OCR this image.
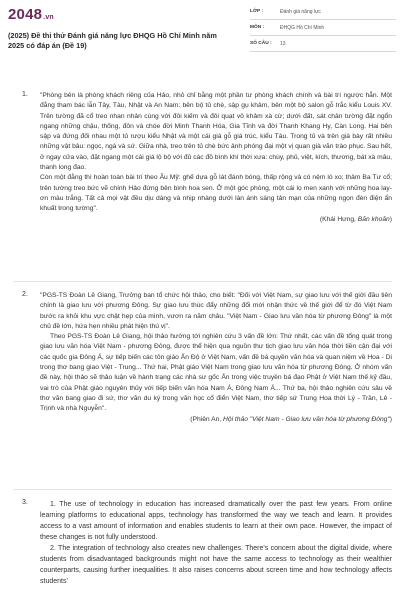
2048.vn
(2025) Đề thi thử Đánh giá năng lực ĐHQG Hồ Chí Minh năm 2025 có đáp án (Đề 19)
LỚP :	Đánh giá năng lực
MÔN :	ĐHQG Hồ Chí Minh
SỐ CÂU :	13
1. "Phòng bên là phòng khách riêng của Hảo, nhỏ chỉ bằng một phần tư phòng khách chính và bài trí ngược hẳn. Một đằng tham bác lẫn Tây, Tàu, Nhật và An Nam: bên bộ tủ chè, sập gụ khảm, bên một bộ salon gỗ trắc kiểu Louis XV. Trên tường đã cổ treo nhan nhản cùng với đôi kiếm và đôi quạt vô khảm xà cừ; dưới đất, sát chân tường đặt ngổn ngang những chậu, thống, đôn và chóe đời Minh Thanh Hóa, Gia Tĩnh và đời Thanh Khang Hy, Càn Long. Hai bên sập và đứng đối nhau một tủ rượu kiểu Nhật và một cái giá gỗ giá trúc, kiểu Tàu. Trong tủ và trên giá bày rất nhiều những vật bâu: ngọc, ngà và sứ. Giữa nhà, treo trên tủ chè bức ảnh phóng đại một vị quan già văn trào phục. Sau hết, ở ngay cửa vào, đặt ngang một cái giá lộ bộ với đủ các đồ bình khí thời xưa: chùy, phủ, việt, kích, thương, bát xà mâu, thanh long đao.

Còn một đằng thì hoàn toàn bài trí theo Âu Mỹ: ghế dựa gỗ lát đánh bóng, thấp rộng và có nệm lò xo; thảm Ba Tư cổ; trên tường treo bức vẽ chính Hảo đứng bên bình hoa sen. Ở một góc phòng, một cái lọ men xanh với những hoa lay-ơn màu trắng. Tất cả mọi vật đều dịu dàng và nhịp nhàng dưới làn ánh sáng tản mạn của những ngọn đèn điện ẩn khuất trong tường".

(Khái Hưng, Băn khoăn)

2. "PGS-TS Đoàn Lê Giang, Trưởng ban tổ chức hội thảo, cho biết: "Đối với Việt Nam, sự giao lưu với thế giới đầu tiên chính là giao lưu với phương Đông. Sự giao lưu thúc đẩy những đổi mới nhận thức về thế giới để từ đó Việt Nam bước ra khỏi khu vực chật hẹp của mình, vươn ra năm châu. "Việt Nam - Giao lưu văn hóa từ phương Đông" là một chủ đề lớn, hứa hẹn nhiều phát hiện thú vị".

Theo PGS-TS Đoàn Lê Giang, hội thảo hướng tới nghiên cứu 3 vấn đề lớn: Thứ nhất, các vấn đề tổng quát trong giao lưu văn hóa Việt Nam - phương Đông, được thể hiện qua nguồn thư tịch giao lưu văn hóa thời tiền cận đại với các quốc gia Đông Á, sự tiếp biến các tôn giáo Ấn Độ ở Việt Nam, vấn đề bá quyền văn hóa và quan niệm về Hoa - Di trong thơ bang giao Việt - Trung... Thứ hai, Phật giáo Việt Nam trong giao lưu văn hóa từ phương Đông. Ở nhóm vấn đề này, hội thảo sẽ thảo luận về hành trạng các nhà sư gốc Ấn trong việc truyền bá đạo Phật ở Việt Nam thế kỷ đầu, vai trò của Phật giáo nguyên thủy với tiếp biến văn hóa Nam Á, Đông Nam Á... Thứ ba, hội thảo nghiên cứu sâu về thơ văn bang giao đi sứ, thơ văn du ký trong văn học cổ điển Việt Nam, thơ tiếp sứ Trung Hoa thời Lý - Trần, Lê - Trịnh và nhà Nguyễn".

(Phiên An, Hội thảo "Việt Nam - Giao lưu văn hóa từ phương Đông")

3.	1. The use of technology in education has increased dramatically over the past few years. From online learning platforms to educational apps, technology has transformed the way we teach and learn. It provides access to a vast amount of information and enables students to learn at their own pace. However, the impact of these changes is not fully understood.

2. The integration of technology also creates new challenges. There's concern about the digital divide, where students from disadvantaged backgrounds might not have the same access to technology as their wealthier counterparts, causing further inequalities. It also raises concerns about screen time and how technology affects students'
